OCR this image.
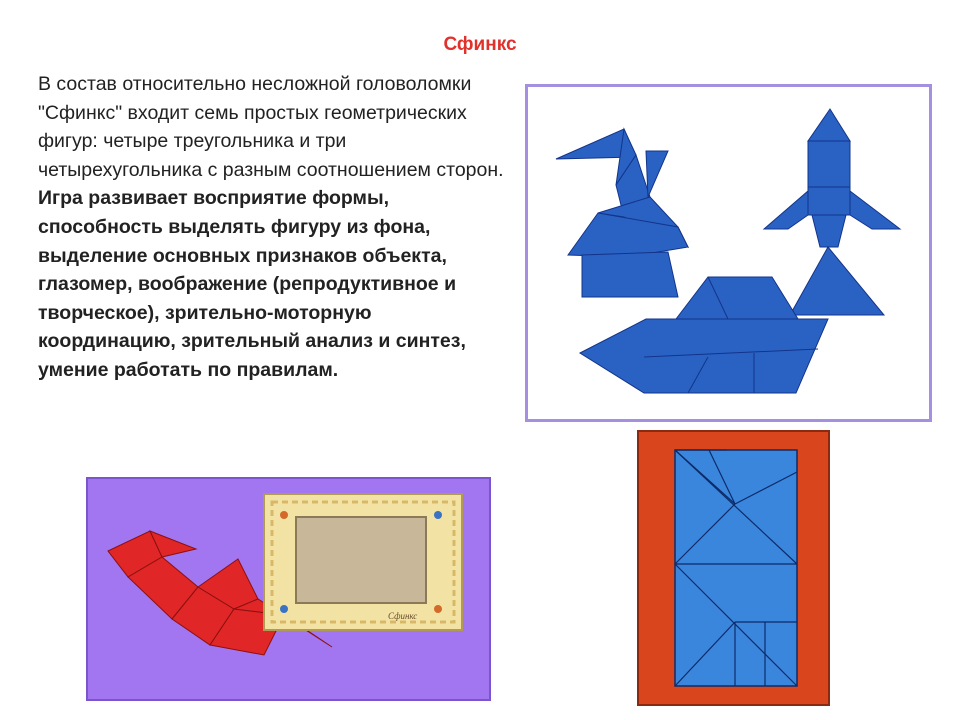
Сфинкс
В состав относительно несложной головоломки "Сфинкс" входит семь простых геометрических фигур: четыре треугольника и три четырехугольника с разным соотношением сторон. Игра развивает восприятие формы, способность выделять фигуру из фона, выделение основных признаков объекта, глазомер, воображение (репродуктивное и творческое), зрительно-моторную координацию, зрительный анализ и синтез, умение работать по правилам.
Сфинкс
